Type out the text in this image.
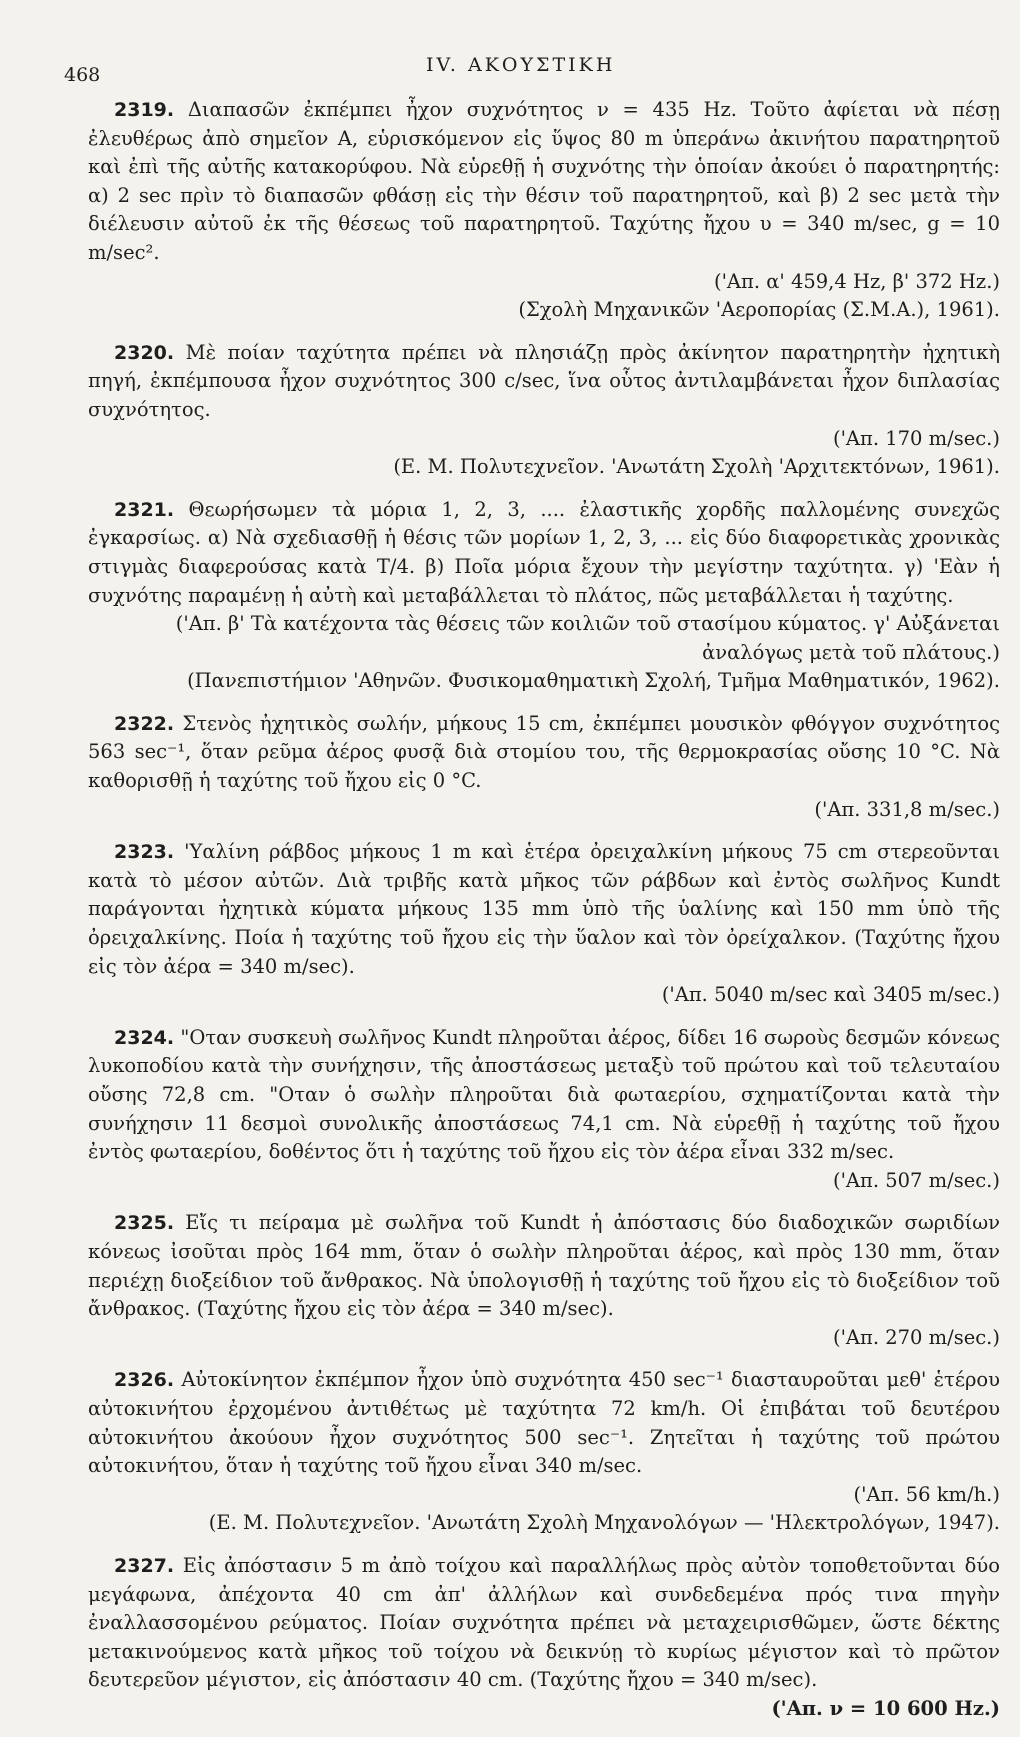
468	IV. ΑΚΟΥΣΤΙΚΗ

2319. Διαπασῶν ἐκπέμπει ἦχον συχνότητος ν = 435 Hz. Τοῦτο ἀφίεται νὰ πέσῃ ἐλευθέρως ἀπὸ σημεῖον Α, εὑρισκόμενον εἰς ὕψος 80 m ὑπεράνω ἀκινήτου παρατηρητοῦ καὶ ἐπὶ τῆς αὐτῆς κατακορύφου. Νὰ εὑρεθῇ ἡ συχνότης τὴν ὁποίαν ἀκούει ὁ παρατηρητής: α) 2 sec πρὶν τὸ διαπασῶν φθάσῃ εἰς τὴν θέσιν τοῦ παρατηρητοῦ, καὶ β) 2 sec μετὰ τὴν διέλευσιν αὐτοῦ ἐκ τῆς θέσεως τοῦ παρατηρητοῦ. Ταχύτης ἤχου υ = 340 m/sec, g = 10 m/sec².

('Απ. α' 459,4 Hz, β' 372 Hz.)
(Σχολὴ Μηχανικῶν 'Αεροπορίας (Σ.Μ.Α.), 1961).

2320. Μὲ ποίαν ταχύτητα πρέπει νὰ πλησιάζῃ πρὸς ἀκίνητον παρατηρητὴν ἠχητικὴ πηγή, ἐκπέμπουσα ἦχον συχνότητος 300 c/sec, ἵνα οὗτος ἀντιλαμβάνεται ἦχον διπλασίας συχνότητος.

('Απ. 170 m/sec.)
(Ε. Μ. Πολυτεχνεῖον. 'Ανωτάτη Σχολὴ 'Αρχιτεκτόνων, 1961).

2321. Θεωρήσωμεν τὰ μόρια 1, 2, 3, .... ἐλαστικῆς χορδῆς παλλομένης συνεχῶς ἐγκαρσίως. α) Νὰ σχεδιασθῇ ἡ θέσις τῶν μορίων 1, 2, 3, ... εἰς δύο διαφορετικὰς χρονικὰς στιγμὰς διαφερούσας κατὰ T/4. β) Ποῖα μόρια ἔχουν τὴν μεγίστην ταχύτητα. γ) 'Εὰν ἡ συχνότης παραμένῃ ἡ αὐτὴ καὶ μεταβάλλεται τὸ πλάτος, πῶς μεταβάλλεται ἡ ταχύτης.

('Απ. β' Τὰ κατέχοντα τὰς θέσεις τῶν κοιλιῶν τοῦ στασίμου κύματος. γ' Αὐξάνεται ἀναλόγως μετὰ τοῦ πλάτους.)
(Πανεπιστήμιον 'Αθηνῶν. Φυσικομαθηματικὴ Σχολή, Τμῆμα Μαθηματικόν, 1962).

2322. Στενὸς ἠχητικὸς σωλήν, μήκους 15 cm, ἐκπέμπει μουσικὸν φθόγγον συχνότητος 563 sec⁻¹, ὅταν ρεῦμα ἀέρος φυσᾷ διὰ στομίου του, τῆς θερμοκρασίας οὔσης 10 °C. Νὰ καθορισθῇ ἡ ταχύτης τοῦ ἤχου εἰς 0 °C.

('Απ. 331,8 m/sec.)

2323. 'Υαλίνη ράβδος μήκους 1 m καὶ ἑτέρα ὀρειχαλκίνη μήκους 75 cm στερεοῦνται κατὰ τὸ μέσον αὐτῶν. Διὰ τριβῆς κατὰ μῆκος τῶν ράβδων καὶ ἐντὸς σωλῆνος Kundt παράγονται ἠχητικὰ κύματα μήκους 135 mm ὑπὸ τῆς ὑαλίνης καὶ 150 mm ὑπὸ τῆς ὀρειχαλκίνης. Ποία ἡ ταχύτης τοῦ ἤχου εἰς τὴν ὕαλον καὶ τὸν ὀρείχαλκον. (Ταχύτης ἤχου εἰς τὸν ἀέρα = 340 m/sec).

('Απ. 5040 m/sec καὶ 3405 m/sec.)

2324. "Οταν συσκευὴ σωλῆνος Kundt πληροῦται ἀέρος, δίδει 16 σωροὺς δεσμῶν κόνεως λυκοποδίου κατὰ τὴν συνήχησιν, τῆς ἀποστάσεως μεταξὺ τοῦ πρώτου καὶ τοῦ τελευταίου οὔσης 72,8 cm. "Οταν ὁ σωλὴν πληροῦται διὰ φωταερίου, σχηματίζονται κατὰ τὴν συνήχησιν 11 δεσμοὶ συνολικῆς ἀποστάσεως 74,1 cm. Νὰ εὑρεθῇ ἡ ταχύτης τοῦ ἤχου ἐντὸς φωταερίου, δοθέντος ὅτι ἡ ταχύτης τοῦ ἤχου εἰς τὸν ἀέρα εἶναι 332 m/sec.

('Απ. 507 m/sec.)

2325. Εἴς τι πείραμα μὲ σωλῆνα τοῦ Kundt ἡ ἀπόστασις δύο διαδοχικῶν σωριδίων κόνεως ἰσοῦται πρὸς 164 mm, ὅταν ὁ σωλὴν πληροῦται ἀέρος, καὶ πρὸς 130 mm, ὅταν περιέχῃ διοξείδιον τοῦ ἄνθρακος. Νὰ ὑπολογισθῇ ἡ ταχύτης τοῦ ἤχου εἰς τὸ διοξείδιον τοῦ ἄνθρακος. (Ταχύτης ἤχου εἰς τὸν ἀέρα = 340 m/sec).

('Απ. 270 m/sec.)

2326. Αὐτοκίνητον ἐκπέμπον ἦχον ὑπὸ συχνότητα 450 sec⁻¹ διασταυροῦται μεθ' ἑτέρου αὐτοκινήτου ἐρχομένου ἀντιθέτως μὲ ταχύτητα 72 km/h. Οἱ ἐπιβάται τοῦ δευτέρου αὐτοκινήτου ἀκούουν ἦχον συχνότητος 500 sec⁻¹. Ζητεῖται ἡ ταχύτης τοῦ πρώτου αὐτοκινήτου, ὅταν ἡ ταχύτης τοῦ ἤχου εἶναι 340 m/sec.

('Απ. 56 km/h.)
(Ε. Μ. Πολυτεχνεῖον. 'Ανωτάτη Σχολὴ Μηχανολόγων — 'Ηλεκτρολόγων, 1947).

2327. Εἰς ἀπόστασιν 5 m ἀπὸ τοίχου καὶ παραλλήλως πρὸς αὐτὸν τοποθετοῦνται δύο μεγάφωνα, ἀπέχοντα 40 cm ἀπ' ἀλλήλων καὶ συνδεδεμένα πρός τινα πηγὴν ἐναλλασσομένου ρεύματος. Ποίαν συχνότητα πρέπει νὰ μεταχειρισθῶμεν, ὥστε δέκτης μετακινούμενος κατὰ μῆκος τοῦ τοίχου νὰ δεικνύῃ τὸ κυρίως μέγιστον καὶ τὸ πρῶτον δευτερεῦον μέγιστον, εἰς ἀπόστασιν 40 cm. (Ταχύτης ἤχου = 340 m/sec).

('Απ. ν = 10 600 Hz.)
